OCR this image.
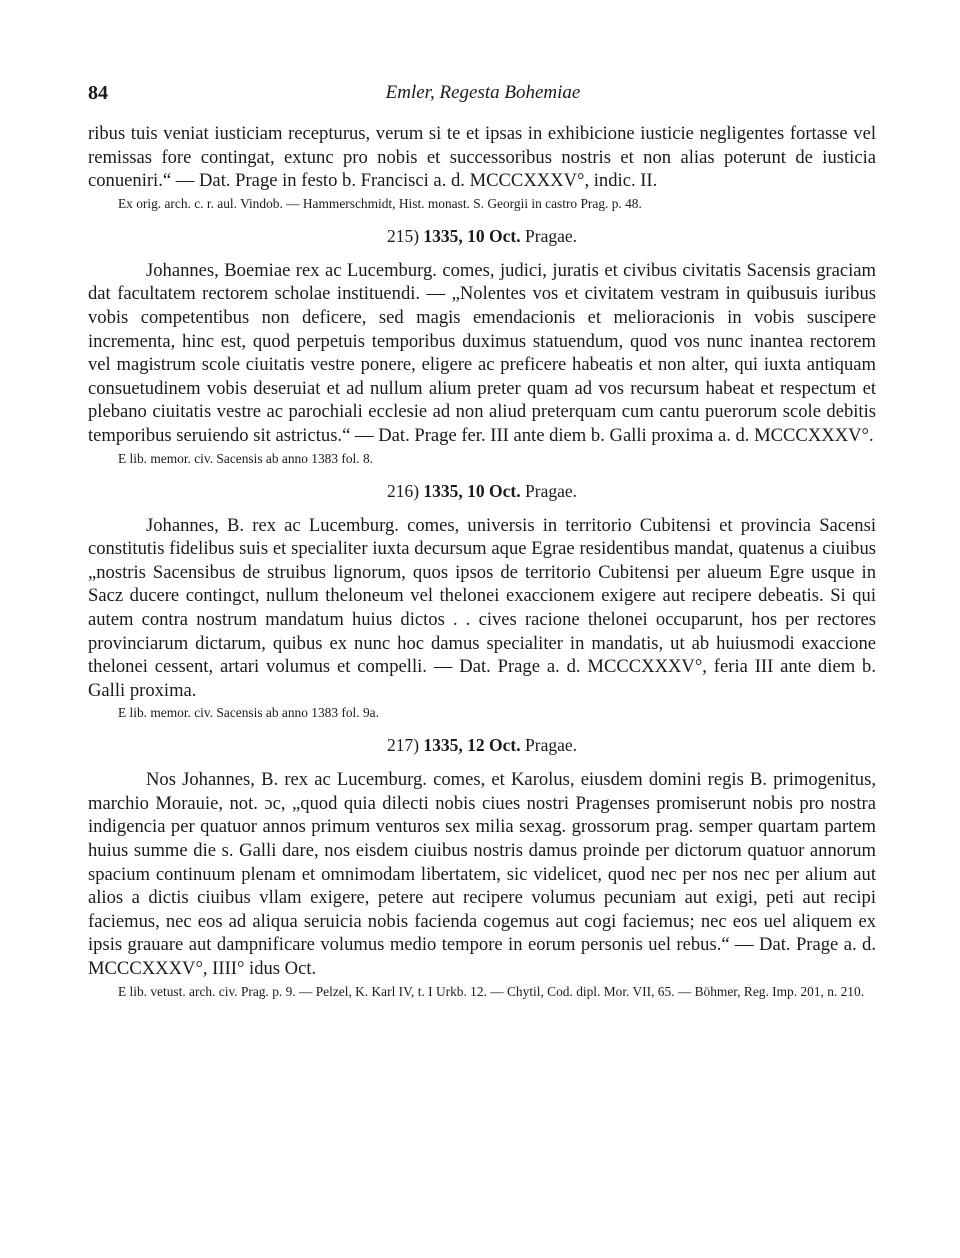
84	Emler, Regesta Bohemiae

ribus tuis veniat iusticiam recepturus, verum si te et ipsas in exhibicione iusticie negligentes fortasse vel remissas fore contingat, extunc pro nobis et successoribus nostris et non alias poterunt de iusticia conueniri.“ — Dat. Prage in festo b. Francisci a. d. MCCCXXXV°, indic. II.

Ex orig. arch. c. r. aul. Vindob. — Hammerschmidt, Hist. monast. S. Georgii in castro Prag. p. 48.

215) 1335, 10 Oct. Pragae.

Johannes, Boemiae rex ac Lucemburg. comes, judici, juratis et civibus civitatis Sacensis graciam dat facultatem rectorem scholae instituendi. — „Nolentes vos et civitatem vestram in quibusuis iuribus vobis competentibus non deficere, sed magis emendacionis et melioracionis in vobis suscipere incrementa, hinc est, quod perpetuis temporibus duximus statuendum, quod vos nunc inantea rectorem vel magistrum scole ciuitatis vestre ponere, eligere ac preficere habeatis et non alter, qui iuxta antiquam consuetudinem vobis deseruiat et ad nullum alium preter quam ad vos recursum habeat et respectum et plebano ciuitatis vestre ac parochiali ecclesie ad non aliud preterquam cum cantu puerorum scole debitis temporibus seruiendo sit astrictus.“ — Dat. Prage fer. III ante diem b. Galli proxima a. d. MCCCXXXV°.

E lib. memor. civ. Sacensis ab anno 1383 fol. 8.

216) 1335, 10 Oct. Pragae.

Johannes, B. rex ac Lucemburg. comes, universis in territorio Cubitensi et provincia Sacensi constitutis fidelibus suis et specialiter iuxta decursum aque Egrae residentibus mandat, quatenus a ciuibus „nostris Sacensibus de struibus lignorum, quos ipsos de territorio Cubitensi per alueum Egre usque in Sacz ducere contingct, nullum theloneum vel thelonei exaccionem exigere aut recipere debeatis. Si qui autem contra nostrum mandatum huius dictos . . cives racione thelonei occuparunt, hos per rectores provinciarum dictarum, quibus ex nunc hoc damus specialiter in mandatis, ut ab huiusmodi exaccione thelonei cessent, artari volumus et compelli. — Dat. Prage a. d. MCCCXXXV°, feria III ante diem b. Galli proxima.

E lib. memor. civ. Sacensis ab anno 1383 fol. 9a.

217) 1335, 12 Oct. Pragae.

Nos Johannes, B. rex ac Lucemburg. comes, et Karolus, eiusdem domini regis B. primogenitus, marchio Morauie, not. ɔc, „quod quia dilecti nobis ciues nostri Pragenses promiserunt nobis pro nostra indigencia per quatuor annos primum venturos sex milia sexag. grossorum prag. semper quartam partem huius summe die s. Galli dare, nos eisdem ciuibus nostris damus proinde per dictorum quatuor annorum spacium continuum plenam et omnimodam libertatem, sic videlicet, quod nec per nos nec per alium aut alios a dictis ciuibus vllam exigere, petere aut recipere volumus pecuniam aut exigi, peti aut recipi faciemus, nec eos ad aliqua seruicia nobis facienda cogemus aut cogi faciemus; nec eos uel aliquem ex ipsis grauare aut dampnificare volumus medio tempore in eorum personis uel rebus.“ — Dat. Prage a. d. MCCCXXXV°, IIII° idus Oct.

E lib. vetust. arch. civ. Prag. p. 9. — Pelzel, K. Karl IV, t. I Urkb. 12. — Chytil, Cod. dipl. Mor. VII, 65. — Böhmer, Reg. Imp. 201, n. 210.
